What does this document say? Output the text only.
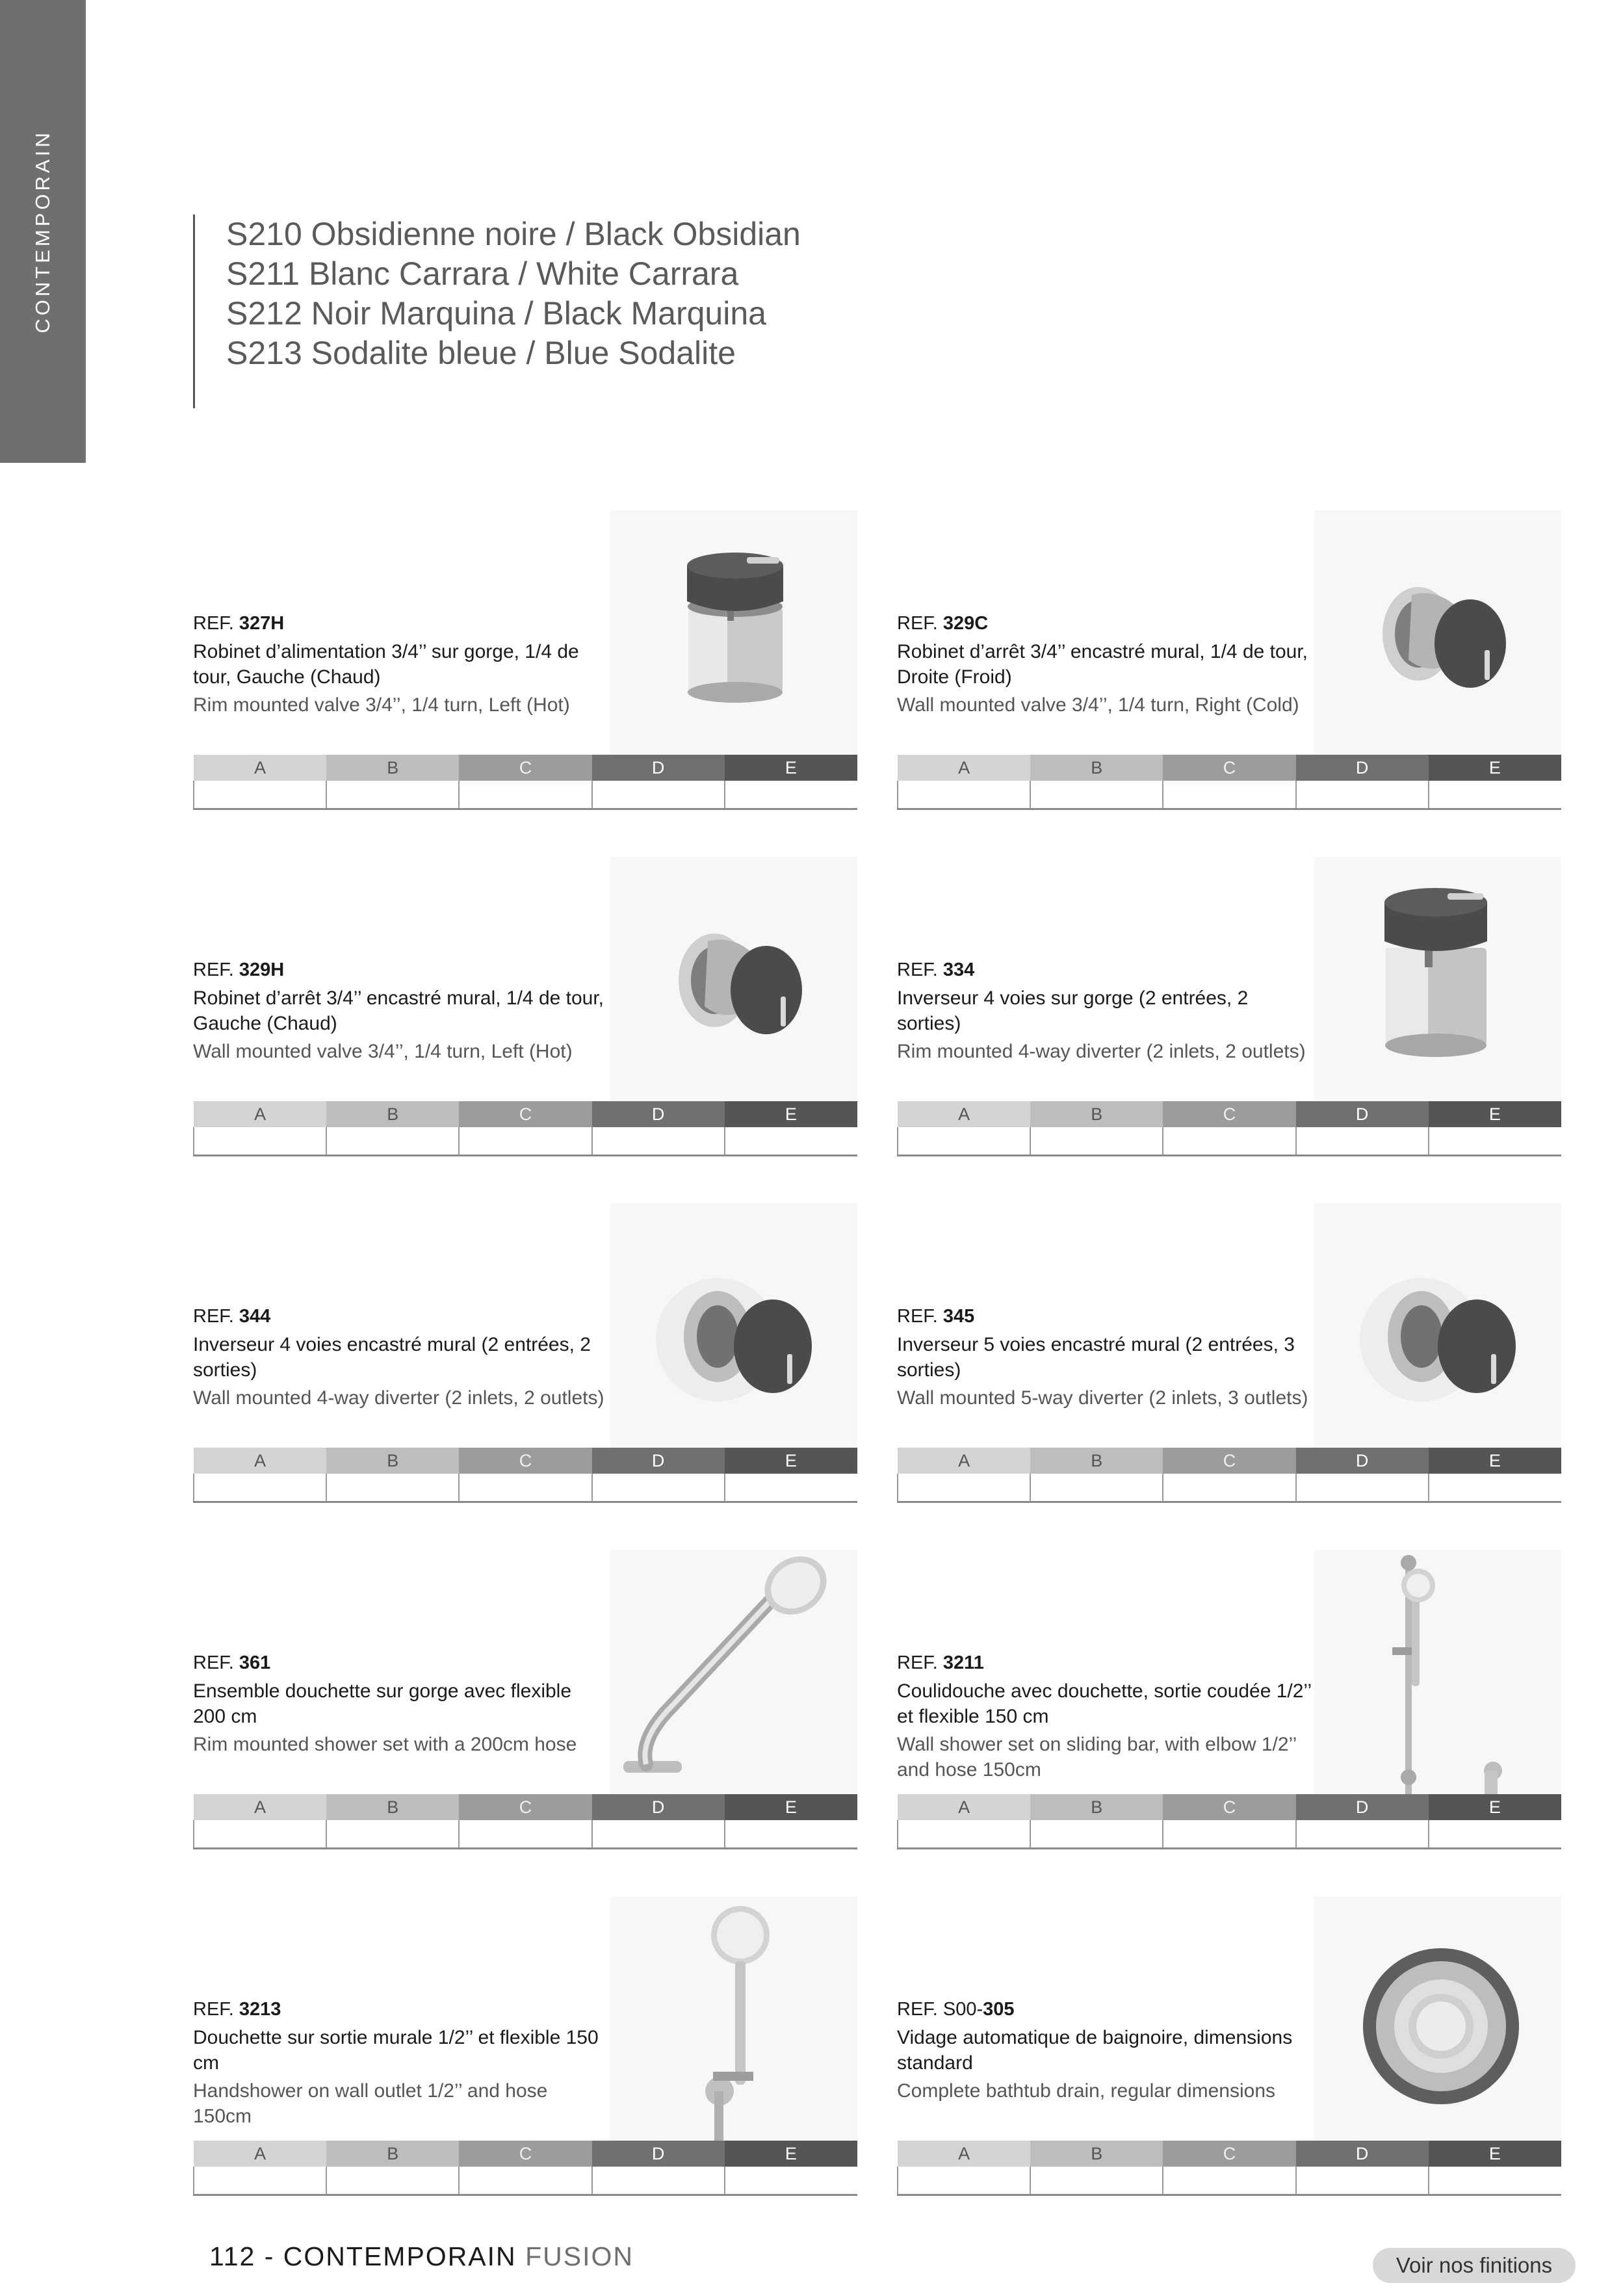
CONTEMPORAIN	S210 Obsidienne noire / Black Obsidian
S211 Blanc Carrara / White Carrara
S212 Noir Marquina / Black Marquina
S213 Sodalite bleue / Blue Sodalite
REF. 327H
Robinet d’alimentation 3/4’’ sur gorge, 1/4 de tour, Gauche (Chaud)
Rim mounted valve 3/4’’, 1/4 turn, Left (Hot)
A	B	C	D	E

REF. 329C
Robinet d’arrêt 3/4’’ encastré mural, 1/4 de tour, Droite (Froid)
Wall mounted valve 3/4’’, 1/4 turn, Right (Cold)
A	B	C	D	E

REF. 329H
Robinet d’arrêt 3/4’’ encastré mural, 1/4 de tour, Gauche (Chaud)
Wall mounted valve 3/4’’, 1/4 turn, Left (Hot)
A	B	C	D	E

REF. 334
Inverseur 4 voies sur gorge (2 entrées, 2 sorties)
Rim mounted 4-way diverter (2 inlets, 2 outlets)
A	B	C	D	E

REF. 344
Inverseur 4 voies encastré mural (2 entrées, 2 sorties)
Wall mounted 4-way diverter (2 inlets, 2 outlets)
A	B	C	D	E

REF. 345
Inverseur 5 voies encastré mural (2 entrées, 3 sorties)
Wall mounted 5-way diverter (2 inlets, 3 outlets)
A	B	C	D	E

REF. 361
Ensemble douchette sur gorge avec flexible 200 cm
Rim mounted shower set with a 200cm hose
A	B	C	D	E

REF. 3211
Coulidouche avec douchette, sortie coudée 1/2’’ et flexible 150 cm
Wall shower set on sliding bar, with elbow 1/2’’ and hose 150cm
A	B	C	D	E

REF. 3213
Douchette sur sortie murale 1/2’’ et flexible 150 cm
Handshower on wall outlet 1/2’’ and hose 150cm
A	B	C	D	E

REF. S00-305
Vidage automatique de baignoire, dimensions standard
Complete bathtub drain, regular dimensions
A	B	C	D	E

112 - CONTEMPORAIN FUSION	Voir nos finitions
